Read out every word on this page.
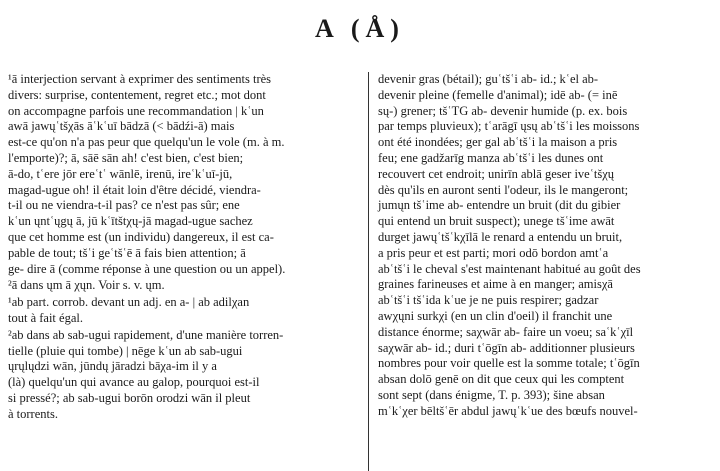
A (Å)
¹ā interjection servant à exprimer des sentiments très
divers: surprise, contentement, regret etc.; mot dont
on accompagne parfois une recommandation | kʿun
awā jawųʿtšχās āʿkʿuī bādzā (< bādźi-ā) mais
est-ce qu'on n'a pas peur que quelqu'un le vole (m. à m.
l'emporte)?; ā, sāē sān ah! c'est bien, c'est bien;
ā-do, tʿere jōr ereʿtʿ wānlē, irenū, ireʿkʿuī-jū,
magad-ugue oh! il était loin d'être décidé, viendra-
t-il ou ne viendra-t-il pas? ce n'est pas sûr; ene
kʿun ųntʿųgų ā, jū kʿītštχų-jā magad-ugue sachez
que cet homme est (un individu) dangereux, il est ca-
pable de tout; tšʿi geʿtšʿē ā fais bien attention; ā
ge- dire ā (comme réponse à une question ou un appel).
²ā dans ųm ā χųn. Voir s. v. ųm.
¹ab part. corrob. devant un adj. en a- | ab adilχan
tout à fait égal.
²ab dans ab sab-ugui rapidement, d'une manière torren-
tielle (pluie qui tombe) | nēge kʿun ab sab-ugui
ųrųlųdzi wān, jūndų jāradzi bāχa-im il y a
(là) quelqu'un qui avance au galop, pourquoi est-il
si pressé?; ab sab-ugui borōn orodzi wān il pleut
à torrents.
devenir gras (bétail); guʿtšʿi ab- id.; kʿel ab-
devenir pleine (femelle d'animal); idē ab- (= inē
sų-) grener; tšʿTG ab- devenir humide (p. ex. bois
par temps pluvieux); tʿarāgī ųsų abʿtšʿi les moissons
ont été inondées; ger gal abʿtšʿi la maison a pris
feu; ene gadžarīg manza abʿtšʿi les dunes ont
recouvert cet endroit; unirīn ablā geser iveʿtšχų
dès qu'ils en auront senti l'odeur, ils le mangeront;
jumųn tšʿime ab- entendre un bruit (dit du gibier
qui entend un bruit suspect); unege tšʿime awāt
durget jawųʿtšʿkχīlā le renard a entendu un bruit,
a pris peur et est parti; mori odō bordon amtʿa
abʿtšʿi le cheval s'est maintenant habitué au goût des
graines farineuses et aime à en manger; amisχā
abʿtšʿi tšʿida kʿue je ne puis respirer; gadzar
awχųni surkχi (en un clin d'oeil) il franchit une
distance énorme; saχwār ab- faire un voeu; saʿkʿχīl
saχwār ab- id.; duri tʿōgīn ab- additionner plusieurs
nombres pour voir quelle est la somme totale; tʿōgīn
absan dolō genē on dit que ceux qui les comptent
sont sept (dans énigme, T. p. 393); šine absan
mʿkʿχer bēltšʿēr abdul jawųʿkʿue des bœufs nouvel-
